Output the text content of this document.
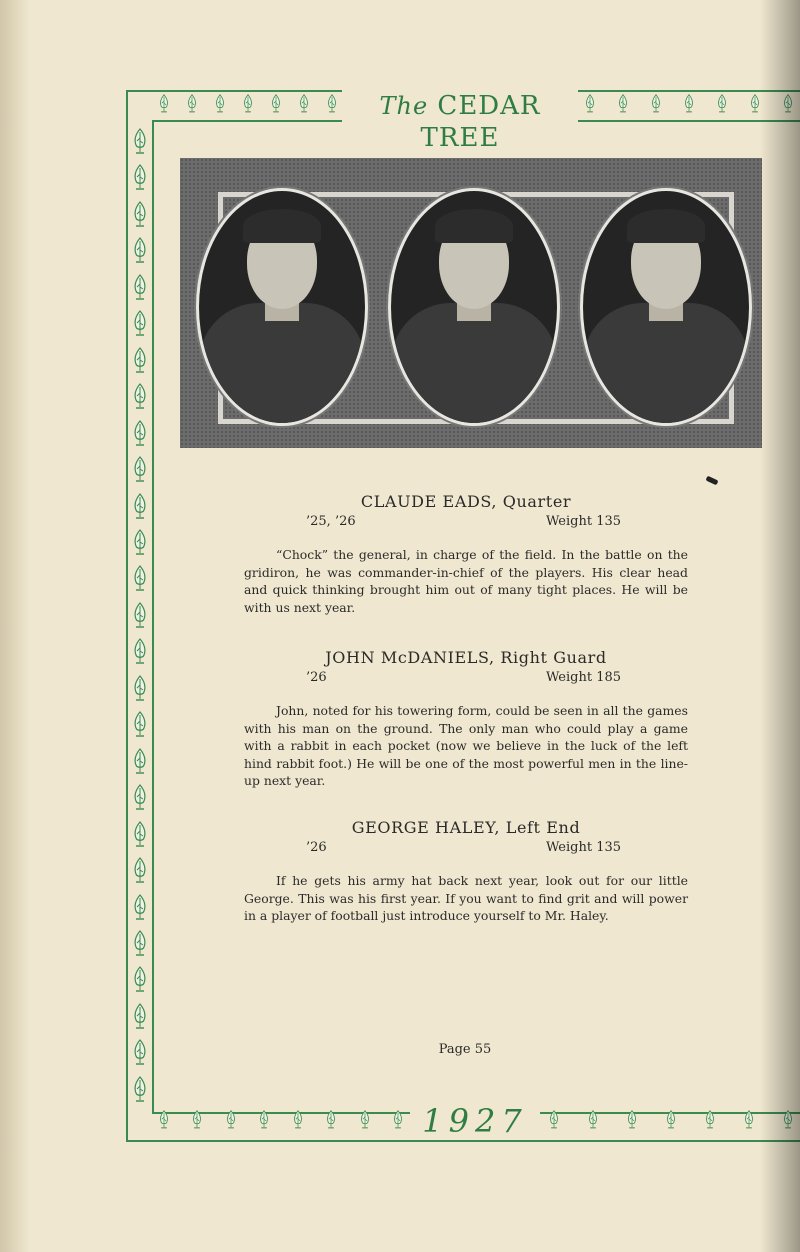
The CEDAR TREE

CLAUDE EADS, Quarter

’25, ’26	Weight 135

“Chock” the general, in charge of the field. In the battle on the gridiron, he was commander-in-chief of the players. His clear head and quick thinking brought him out of many tight places. He will be with us next year.

JOHN McDANIELS, Right Guard

’26	Weight 185

John, noted for his towering form, could be seen in all the games with his man on the ground. The only man who could play a game with a rabbit in each pocket (now we believe in the luck of the left hind rabbit foot.) He will be one of the most powerful men in the line-up next year.

GEORGE HALEY, Left End

’26	Weight 135

If he gets his army hat back next year, look out for our little George. This was his first year. If you want to find grit and will power in a player of football just introduce yourself to Mr. Haley.

Page 55
1927
